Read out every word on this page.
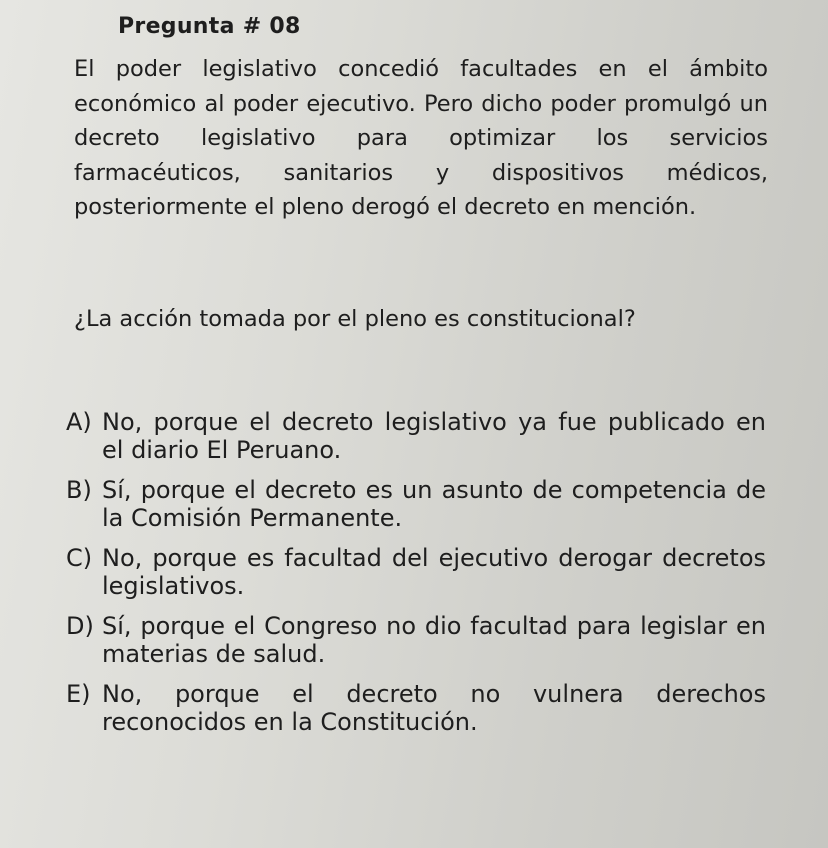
Pregunta # 08

El poder legislativo concedió facultades en el ámbito económico al poder ejecutivo. Pero dicho poder promulgó un decreto legislativo para optimizar los servicios farmacéuticos, sanitarios y dispositivos médicos, posteriormente el pleno derogó el decreto en mención.

¿La acción tomada por el pleno es constitucional?

A) No, porque el decreto legislativo ya fue publicado en el diario El Peruano.
B) Sí, porque el decreto es un asunto de competencia de la Comisión Permanente.
C) No, porque es facultad del ejecutivo derogar decretos legislativos.
D) Sí, porque el Congreso no dio facultad para legislar en materias de salud.
E) No, porque el decreto no vulnera derechos reconocidos en la Constitución.
